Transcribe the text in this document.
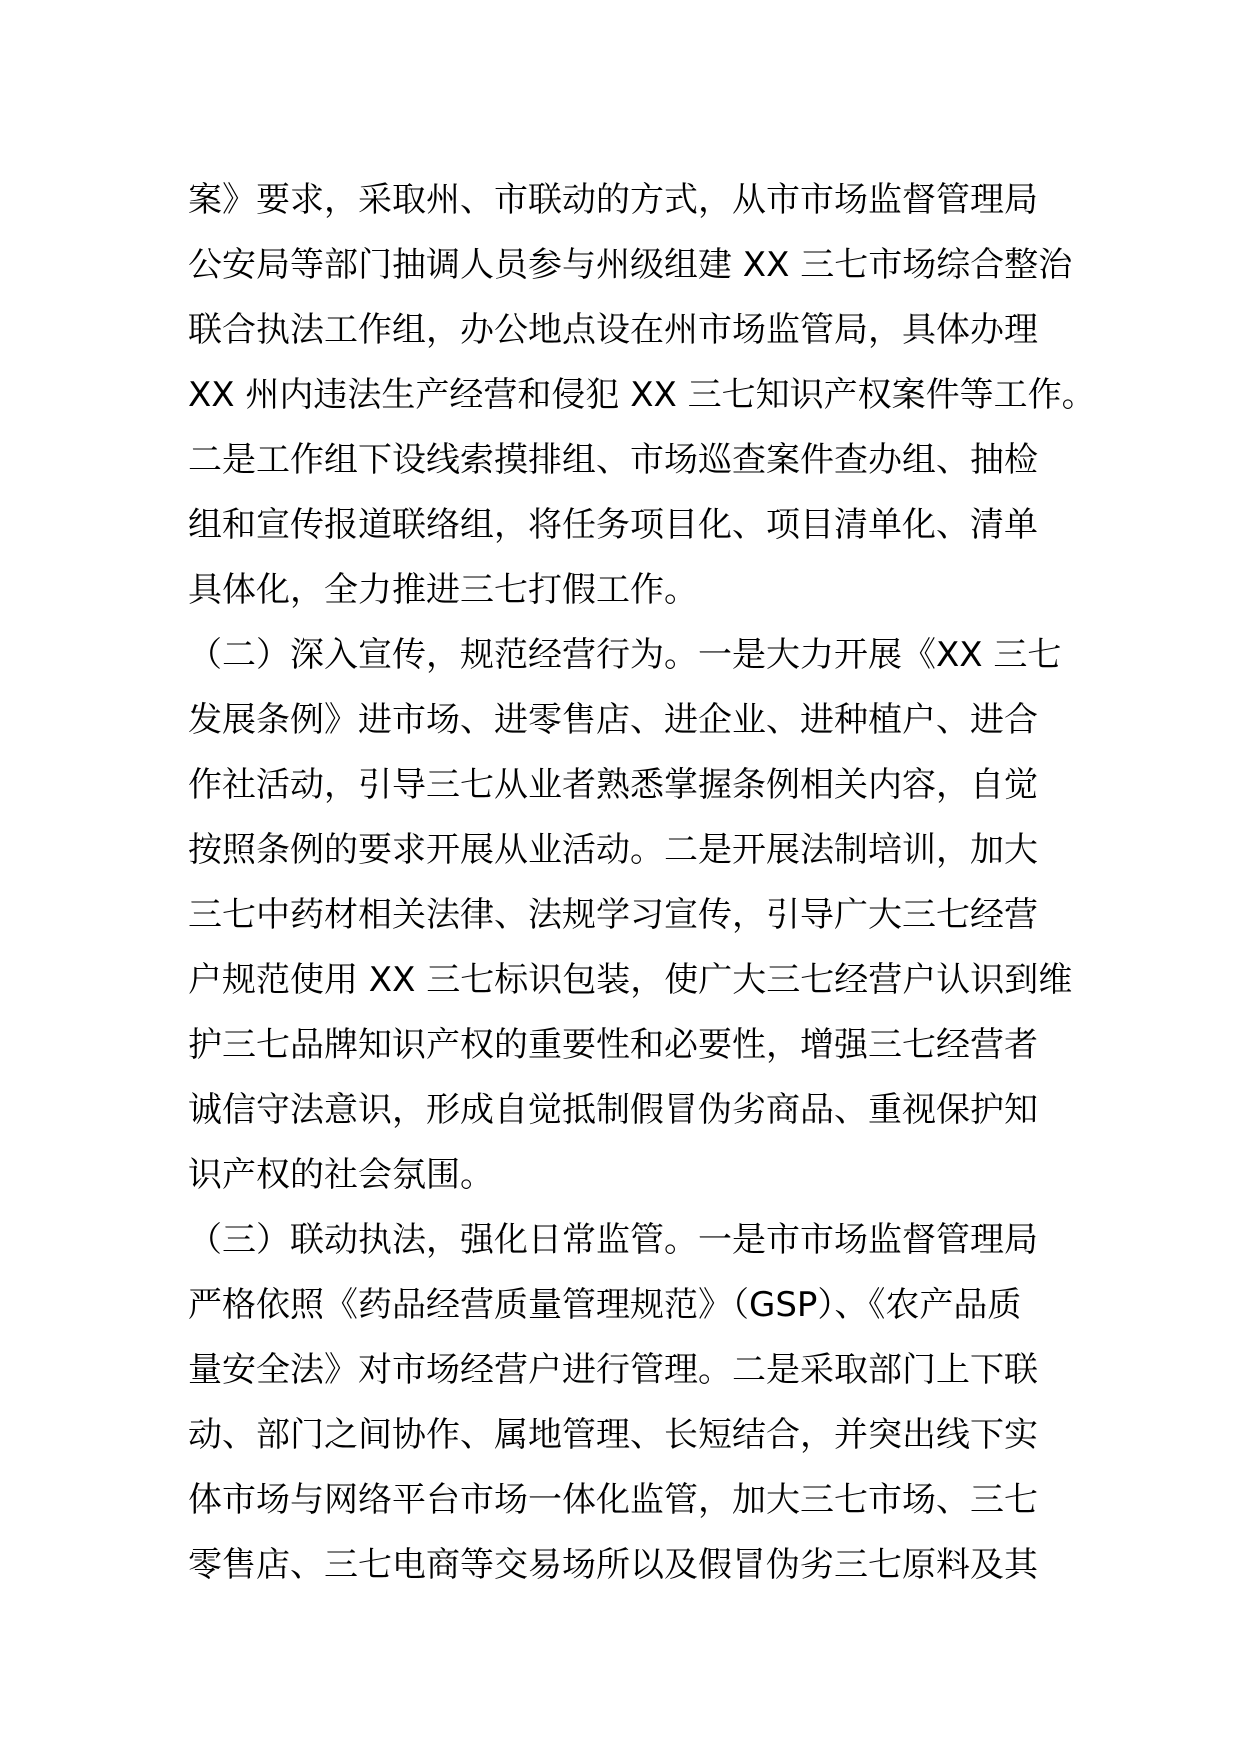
案》要求，采取州、市联动的方式，从市市场监督管理局
公安局等部门抽调人员参与州级组建 XX 三七市场综合整治
联合执法工作组，办公地点设在州市场监管局，具体办理
XX 州内违法生产经营和侵犯 XX 三七知识产权案件等工作。
二是工作组下设线索摸排组、市场巡查案件查办组、抽检
组和宣传报道联络组，将任务项目化、项目清单化、清单
具体化，全力推进三七打假工作。
（二）深入宣传，规范经营行为。一是大力开展《XX 三七
发展条例》进市场、进零售店、进企业、进种植户、进合
作社活动，引导三七从业者熟悉掌握条例相关内容，自觉
按照条例的要求开展从业活动。二是开展法制培训，加大
三七中药材相关法律、法规学习宣传，引导广大三七经营
户规范使用 XX 三七标识包装，使广大三七经营户认识到维
护三七品牌知识产权的重要性和必要性，增强三七经营者
诚信守法意识，形成自觉抵制假冒伪劣商品、重视保护知
识产权的社会氛围。
（三）联动执法，强化日常监管。一是市市场监督管理局
严格依照《药品经营质量管理规范》（GSP）、《农产品质
量安全法》对市场经营户进行管理。二是采取部门上下联
动、部门之间协作、属地管理、长短结合，并突出线下实
体市场与网络平台市场一体化监管，加大三七市场、三七
零售店、三七电商等交易场所以及假冒伪劣三七原料及其
